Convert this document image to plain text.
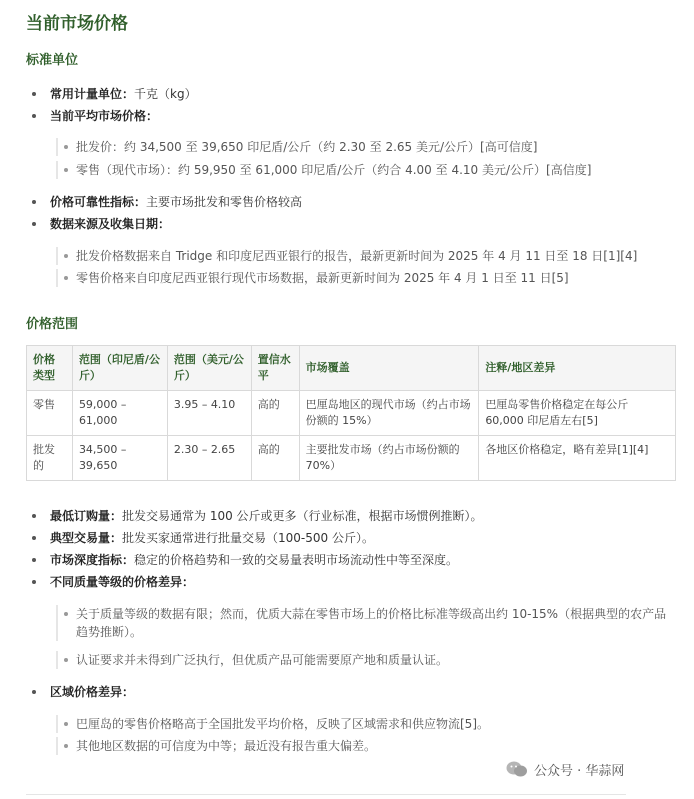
当前市场价格
标准单位
常用计量单位：千克（kg）
当前平均市场价格：
批发价：约 34,500 至 39,650 印尼盾/公斤（约 2.30 至 2.65 美元/公斤）[高可信度]
零售（现代市场）：约 59,950 至 61,000 印尼盾/公斤（约合 4.00 至 4.10 美元/公斤）[高信度]
价格可靠性指标：主要市场批发和零售价格较高
数据来源及收集日期：
批发价格数据来自 Tridge 和印度尼西亚银行的报告，最新更新时间为 2025 年 4 月 11 日至 18 日[1][4]
零售价格来自印度尼西亚银行现代市场数据，最新更新时间为 2025 年 4 月 1 日至 11 日[5]
价格范围
价格类型	范围（印尼盾/公斤）	范围（美元/公斤）	置信水平	市场覆盖	注释/地区差异
零售	59,000 – 61,000	3.95 – 4.10	高的	巴厘岛地区的现代市场（约占市场份额的 15%）	巴厘岛零售价格稳定在每公斤 60,000 印尼盾左右[5]
批发的	34,500 – 39,650	2.30 – 2.65	高的	主要批发市场（约占市场份额的 70%）	各地区价格稳定，略有差异[1][4]
最低订购量：批发交易通常为 100 公斤或更多（行业标准，根据市场惯例推断）。
典型交易量：批发买家通常进行批量交易（100-500 公斤）。
市场深度指标：稳定的价格趋势和一致的交易量表明市场流动性中等至深度。
不同质量等级的价格差异：
关于质量等级的数据有限；然而，优质大蒜在零售市场上的价格比标准等级高出约 10-15%（根据典型的农产品趋势推断）。
认证要求并未得到广泛执行，但优质产品可能需要原产地和质量认证。
区域价格差异：
巴厘岛的零售价格略高于全国批发平均价格，反映了区域需求和供应物流[5]。
其他地区数据的可信度为中等；最近没有报告重大偏差。
公众号 · 华蒜网
